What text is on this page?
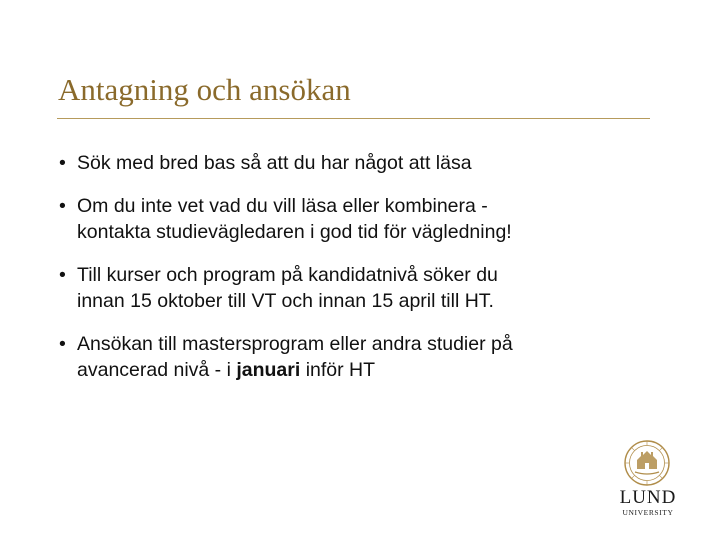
Antagning och ansökan
• Sök med bred bas så att du har något att läsa
• Om du inte vet vad du vill läsa eller kombinera -
kontakta studievägledaren i god tid för vägledning!
• Till kurser och program på kandidatnivå söker du
innan 15 oktober till VT och innan 15 april till HT.
• Ansökan till mastersprogram eller andra studier på
avancerad nivå - i januari inför HT
LUND
UNIVERSITY
